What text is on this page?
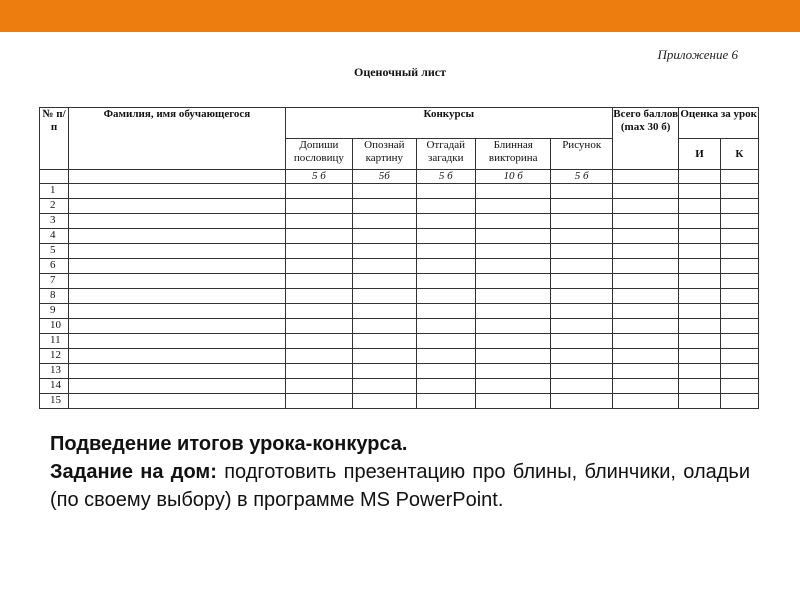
Приложение 6
Оценочный лист
№ п/п	Фамилия, имя обучающегося	Конкурсы					Всего баллов (max 30 б)	Оценка за урок	
		Допиши пословицу	Опознай картину	Отгадай загадки	Блинная викторина	Рисунок		И	К
		5 б	5б	5 б	10 б	5 б			
1									
2									
3									
4									
5									
6									
7									
8									
9									
10									
11									
12									
13									
14									
15									
Подведение итогов урока-конкурса.
Задание на дом: подготовить презентацию про блины, блинчики, оладьи (по своему выбору) в программе MS PowerPoint.
